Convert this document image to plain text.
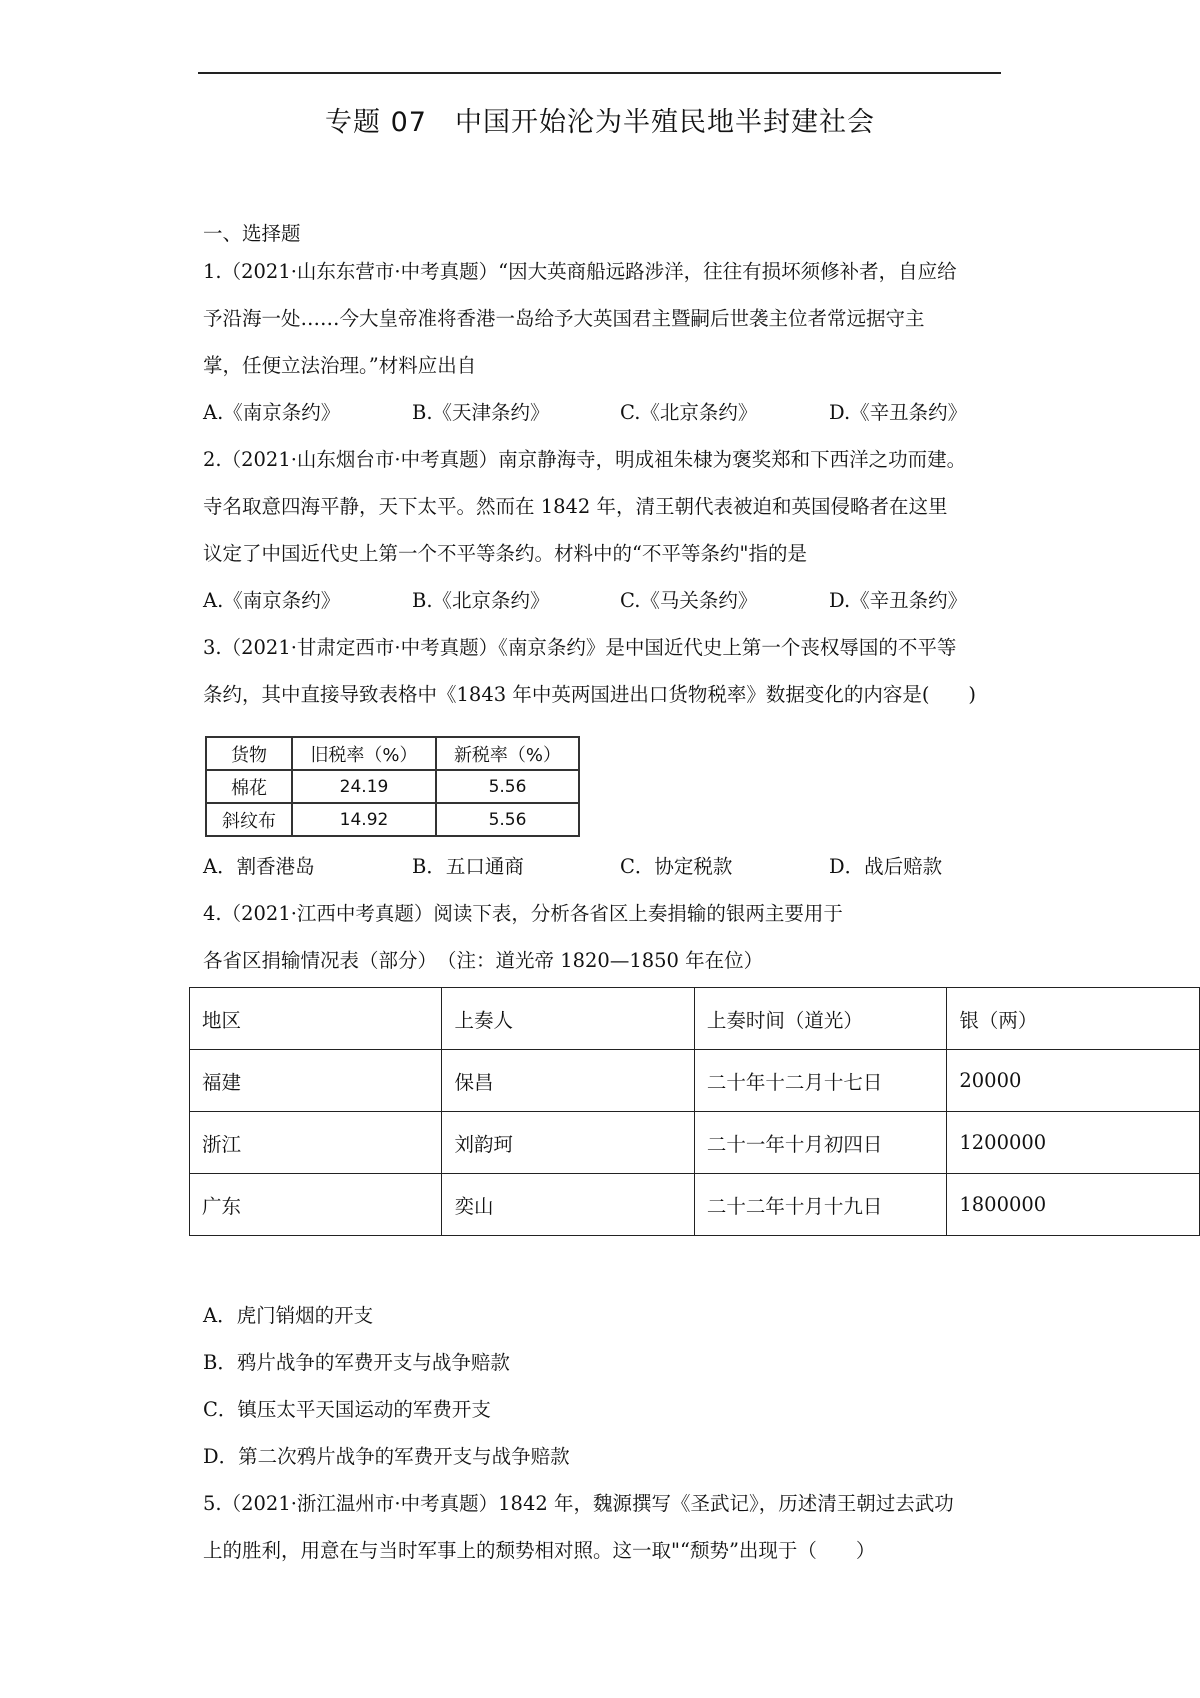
专题 07　中国开始沦为半殖民地半封建社会
一、选择题
1.（2021·山东东营市·中考真题）“因大英商船远路涉洋，往往有损坏须修补者，自应给
予沿海一处……今大皇帝准将香港一岛给予大英国君主暨嗣后世袭主位者常远据守主
掌，任便立法治理。”材料应出自
A.《南京条约》	B.《天津条约》	C.《北京条约》	D.《辛丑条约》
2.（2021·山东烟台市·中考真题）南京静海寺，明成祖朱棣为褒奖郑和下西洋之功而建。
寺名取意四海平静，天下太平。然而在 1842 年，清王朝代表被迫和英国侵略者在这里
议定了中国近代史上第一个不平等条约。材料中的“不平等条约"指的是
A.《南京条约》	B.《北京条约》	C.《马关条约》	D.《辛丑条约》
3.（2021·甘肃定西市·中考真题）《南京条约》是中国近代史上第一个丧权辱国的不平等
条约，其中直接导致表格中《1843 年中英两国进出口货物税率》数据变化的内容是(　　)
货物	旧税率（%）	新税率（%）
棉花	24.19	5.56
斜纹布	14.92	5.56
A．割香港岛	B．五口通商	C．协定税款	D．战后赔款
4.（2021·江西中考真题）阅读下表，分析各省区上奏捐输的银两主要用于
各省区捐输情况表（部分）　（注：道光帝 1820—1850 年在位）
地区	上奏人	上奏时间（道光）	银（两）
福建	保昌	二十年十二月十七日	20000
浙江	刘韵珂	二十一年十月初四日	1200000
广东	奕山	二十二年十月十九日	1800000
A．虎门销烟的开支
B．鸦片战争的军费开支与战争赔款
C．镇压太平天国运动的军费开支
D．第二次鸦片战争的军费开支与战争赔款
5.（2021·浙江温州市·中考真题）1842 年，魏源撰写《圣武记》，历述清王朝过去武功
上的胜利，用意在与当时军事上的颓势相对照。这一取"“颓势”出现于（　　）
